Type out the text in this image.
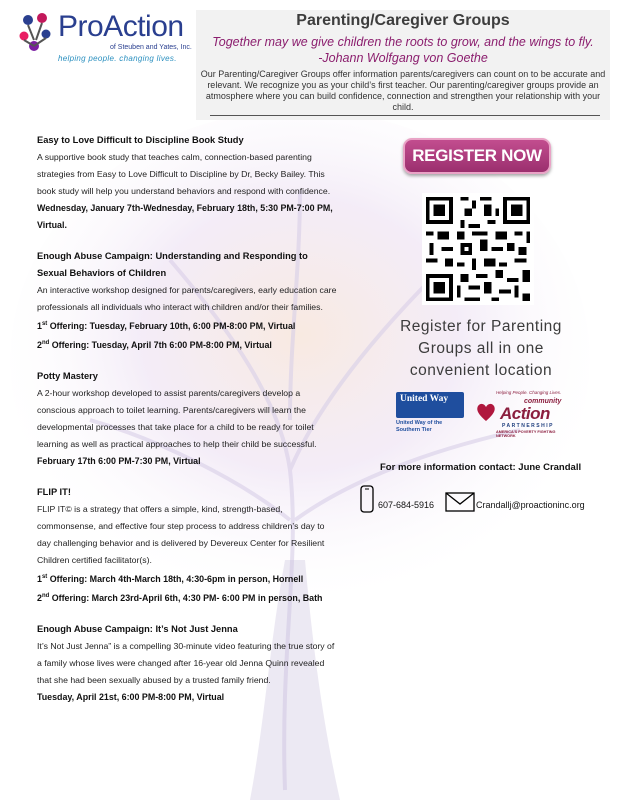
ProAction
of Steuben and Yates, Inc.
helping people. changing lives.
Parenting/Caregiver Groups
Together may we give children the roots to grow, and the wings to fly.
-Johann Wolfgang von Goethe
Our Parenting/Caregiver Groups offer information parents/caregivers can count on to be accurate and relevant. We recognize you as your child’s first teacher. Our parenting/caregiver groups provide an atmosphere where you can build confidence, connection and strengthen your relationship with your child.
Easy to Love Difficult to Discipline Book Study
A supportive book study that teaches calm, connection-based parenting strategies from Easy to Love Difficult to Discipline by Dr, Becky Bailey. This book study will help you understand behaviors and respond with confidence.
Wednesday, January 7th-Wednesday, February 18th, 5:30 PM-7:00 PM, Virtual.
Enough Abuse Campaign: Understanding and Responding to Sexual Behaviors of Children
An interactive workshop designed for parents/caregivers, early education care professionals all individuals who interact with children and/or their families.
1st Offering: Tuesday, February 10th, 6:00 PM-8:00 PM, Virtual
2nd Offering: Tuesday, April 7th 6:00 PM-8:00 PM, Virtual
Potty Mastery
A 2-hour workshop developed to assist parents/caregivers develop a conscious approach to toilet learning. Parents/caregivers will learn the developmental processes that take place for a child to be ready for toilet learning as well as practical approaches to help their child be successful.
February 17th 6:00 PM-7:30 PM, Virtual
FLIP IT!
FLIP IT© is a strategy that offers a simple, kind, strength-based, commonsense, and effective four step process to address children’s day to day challenging behavior and is delivered by Devereux Center for Resilient Children certified facilitator(s).
1st Offering: March 4th-March 18th, 4:30-6pm in person, Hornell
2nd Offering: March 23rd-April 6th, 4:30 PM- 6:00 PM in person, Bath
Enough Abuse Campaign: It’s Not Just Jenna
It’s Not Just Jenna” is a compelling 30-minute video featuring the true story of a family whose lives were changed after 16-year old Jenna Quinn revealed that she had been sexually abused by a trusted family friend.
Tuesday, April 21st, 6:00 PM-8:00 PM, Virtual
REGISTER NOW
Register for Parenting Groups all in one convenient location
United Way
United Way of the Southern Tier
Helping People. Changing Lives.
community
Action
PARTNERSHIP
AMERICA'S POVERTY FIGHTING NETWORK
For more information contact: June Crandall
607-684-5916	Crandallj@proactioninc.org
